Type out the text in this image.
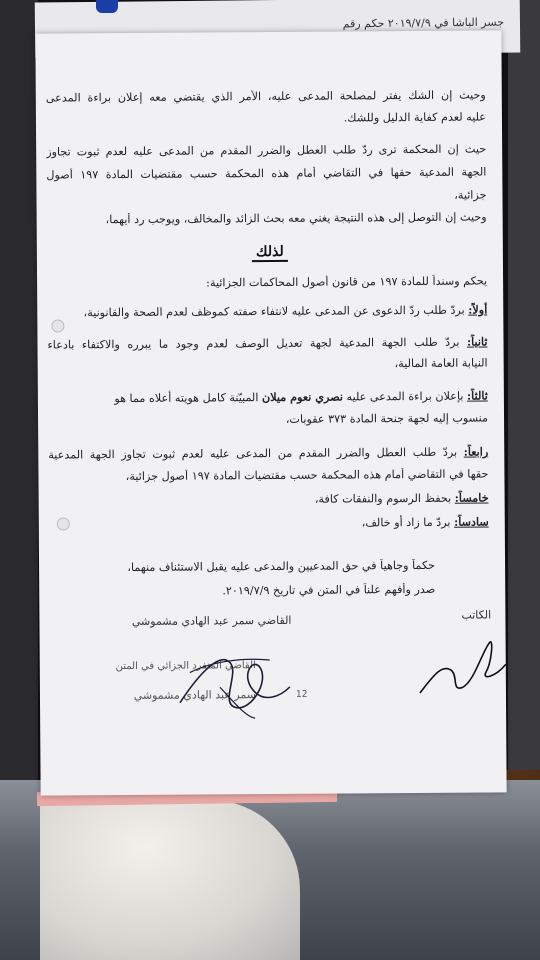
جسر الباشا في ٢٠١٩/٧/٩ حكم رقم
وحيث إن الشك يفتر لمصلحة المدعى عليه، الأمر الذي يقتضي معه إعلان براءة المدعى
عليه لعدم كفاية الدليل وللشك.
حيث إن المحكمة ترى ردّ طلب العطل والضرر المقدم من المدعى عليه لعدم ثبوت تجاوز
الجهة المدعية حقها في التقاضي أمام هذه المحكمة حسب مقتضيات المادة ١٩٧ أصول
جزائية،
وحيث إن التوصل إلى هذه النتيجة يغني معه بحث الزائد والمخالف، ويوجب رد أيهما،
لذلك
يحكم وسنداً للمادة ١٩٧ من قانون أصول المحاكمات الجزائية:
أولاً: بردّ طلب ردّ الدعوى عن المدعى عليه لانتفاء صفته كموظف لعدم الصحة والقانونية،
ثانياً: بردّ طلب الجهة المدعية لجهة تعديل الوصف لعدم وجود ما يبرره والاكتفاء بادعاء
النيابة العامة المالية،
ثالثاً: بإعلان براءة المدعى عليه نصري نعوم ميلان المبيّنة كامل هويته أعلاه مما هو
منسوب إليه لجهة جنحة المادة ٣٧٣ عقوبات،
رابعاً: بردّ طلب العطل والضرر المقدم من المدعى عليه لعدم ثبوت تجاوز الجهة المدعية
حقها في التقاضي أمام هذه المحكمة حسب مقتضيات المادة ١٩٧ أصول جزائية،
خامساً: بحفظ الرسوم والنفقات كافة،
سادساً: بردّ ما زاد أو خالف،
حكماً وجاهياً في حق المدعيين والمدعى عليه يقبل الاستئناف منهما،
صدر وأفهم علناً في المتن في تاريخ ٢٠١٩/٧/٩.
القاضي سمر عبد الهادي مشموشي	الكاتب
القاضي المنفرد الجزائي في المتن
سمر عبد الهادي مشموشي	12
